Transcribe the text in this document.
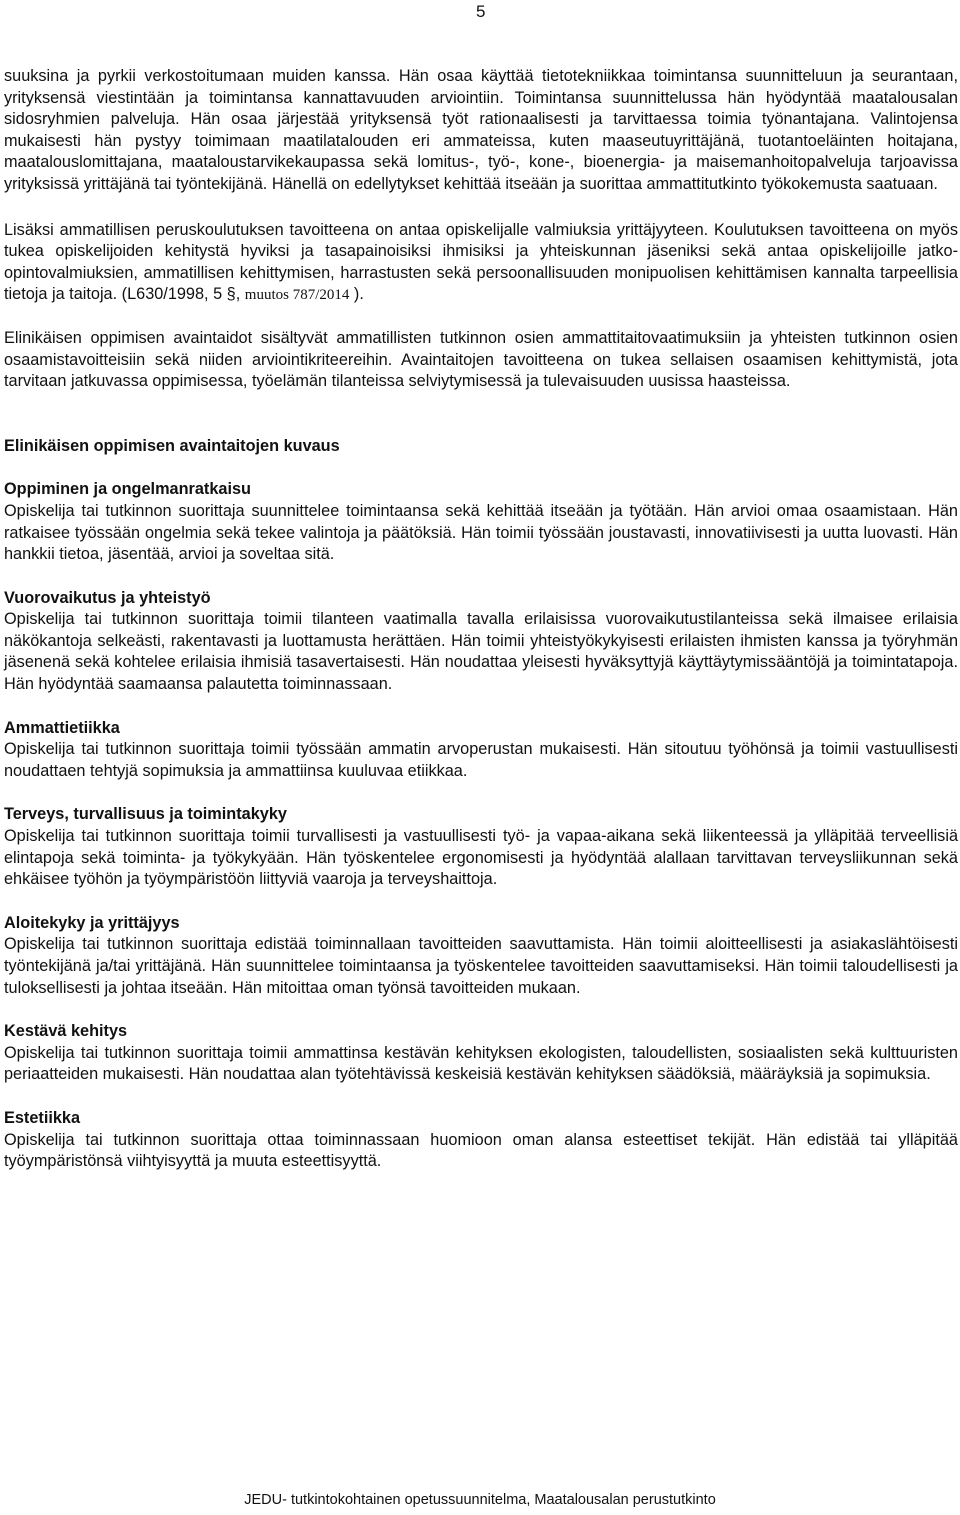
5

suuksina ja pyrkii verkostoitumaan muiden kanssa. Hän osaa käyttää tietotekniikkaa toimintansa suunnitteluun ja seurantaan, yrityksensä viestintään ja toimintansa kannattavuuden arviointiin. Toimintansa suunnittelussa hän hyödyntää maatalousalan sidosryhmien palveluja. Hän osaa järjestää yrityksensä työt rationaalisesti ja tarvittaessa toimia työnantajana. Valintojensa mukaisesti hän pystyy toimimaan maatilatalouden eri ammateissa, kuten maaseutuyrittäjänä, tuotantoeläinten hoitajana, maatalouslomittajana, maataloustarvikekaupassa sekä lomitus-, työ-, kone-, bioenergia- ja maisemanhoitopalveluja tarjoavissa yrityksissä yrittäjänä tai työntekijänä. Hänellä on edellytykset kehittää itseään ja suorittaa ammattitutkinto työkokemusta saatuaan.

Lisäksi ammatillisen peruskoulutuksen tavoitteena on antaa opiskelijalle valmiuksia yrittäjyyteen. Koulutuksen tavoitteena on myös tukea opiskelijoiden kehitystä hyviksi ja tasapainoisiksi ihmisiksi ja yhteiskunnan jäseniksi sekä antaa opiskelijoille jatko-opintovalmiuksien, ammatillisen kehittymisen, harrastusten sekä persoonallisuuden monipuolisen kehittämisen kannalta tarpeellisia tietoja ja taitoja. (L630/1998, 5 §, muutos 787/2014 ).

Elinikäisen oppimisen avaintaidot sisältyvät ammatillisten tutkinnon osien ammattitaitovaatimuksiin ja yhteisten tutkinnon osien osaamistavoitteisiin sekä niiden arviointikriteereihin. Avaintaitojen tavoitteena on tukea sellaisen osaamisen kehittymistä, jota tarvitaan jatkuvassa oppimisessa, työelämän tilanteissa selviytymisessä ja tulevaisuuden uusissa haasteissa.

Elinikäisen oppimisen avaintaitojen kuvaus

Oppiminen ja ongelmanratkaisu

Opiskelija tai tutkinnon suorittaja suunnittelee toimintaansa sekä kehittää itseään ja työtään. Hän arvioi omaa osaamistaan. Hän ratkaisee työssään ongelmia sekä tekee valintoja ja päätöksiä. Hän toimii työssään joustavasti, innovatiivisesti ja uutta luovasti. Hän hankkii tietoa, jäsentää, arvioi ja soveltaa sitä.

Vuorovaikutus ja yhteistyö

Opiskelija tai tutkinnon suorittaja toimii tilanteen vaatimalla tavalla erilaisissa vuorovaikutustilanteissa sekä ilmaisee erilaisia näkökantoja selkeästi, rakentavasti ja luottamusta herättäen. Hän toimii yhteistyökykyisesti erilaisten ihmisten kanssa ja työryhmän jäsenenä sekä kohtelee erilaisia ihmisiä tasavertaisesti. Hän noudattaa yleisesti hyväksyttyjä käyttäytymissääntöjä ja toimintatapoja. Hän hyödyntää saamaansa palautetta toiminnassaan.

Ammattietiikka

Opiskelija tai tutkinnon suorittaja toimii työssään ammatin arvoperustan mukaisesti. Hän sitoutuu työhönsä ja toimii vastuullisesti noudattaen tehtyjä sopimuksia ja ammattiinsa kuuluvaa etiikkaa.

Terveys, turvallisuus ja toimintakyky

Opiskelija tai tutkinnon suorittaja toimii turvallisesti ja vastuullisesti työ- ja vapaa-aikana sekä liikenteessä ja ylläpitää terveellisiä elintapoja sekä toiminta- ja työkykyään. Hän työskentelee ergonomisesti ja hyödyntää alallaan tarvittavan terveysliikunnan sekä ehkäisee työhön ja työympäristöön liittyviä vaaroja ja terveyshaittoja.

Aloitekyky ja yrittäjyys

Opiskelija tai tutkinnon suorittaja edistää toiminnallaan tavoitteiden saavuttamista. Hän toimii aloitteellisesti ja asiakaslähtöisesti työntekijänä ja/tai yrittäjänä. Hän suunnittelee toimintaansa ja työskentelee tavoitteiden saavuttamiseksi. Hän toimii taloudellisesti ja tuloksellisesti ja johtaa itseään. Hän mitoittaa oman työnsä tavoitteiden mukaan.

Kestävä kehitys

Opiskelija tai tutkinnon suorittaja toimii ammattinsa kestävän kehityksen ekologisten, taloudellisten, sosiaalisten sekä kulttuuristen periaatteiden mukaisesti. Hän noudattaa alan työtehtävissä keskeisiä kestävän kehityksen säädöksiä, määräyksiä ja sopimuksia.

Estetiikka

Opiskelija tai tutkinnon suorittaja ottaa toiminnassaan huomioon oman alansa esteettiset tekijät. Hän edistää tai ylläpitää työympäristönsä viihtyisyyttä ja muuta esteettisyyttä.

JEDU- tutkintokohtainen opetussuunnitelma, Maatalousalan perustutkinto
